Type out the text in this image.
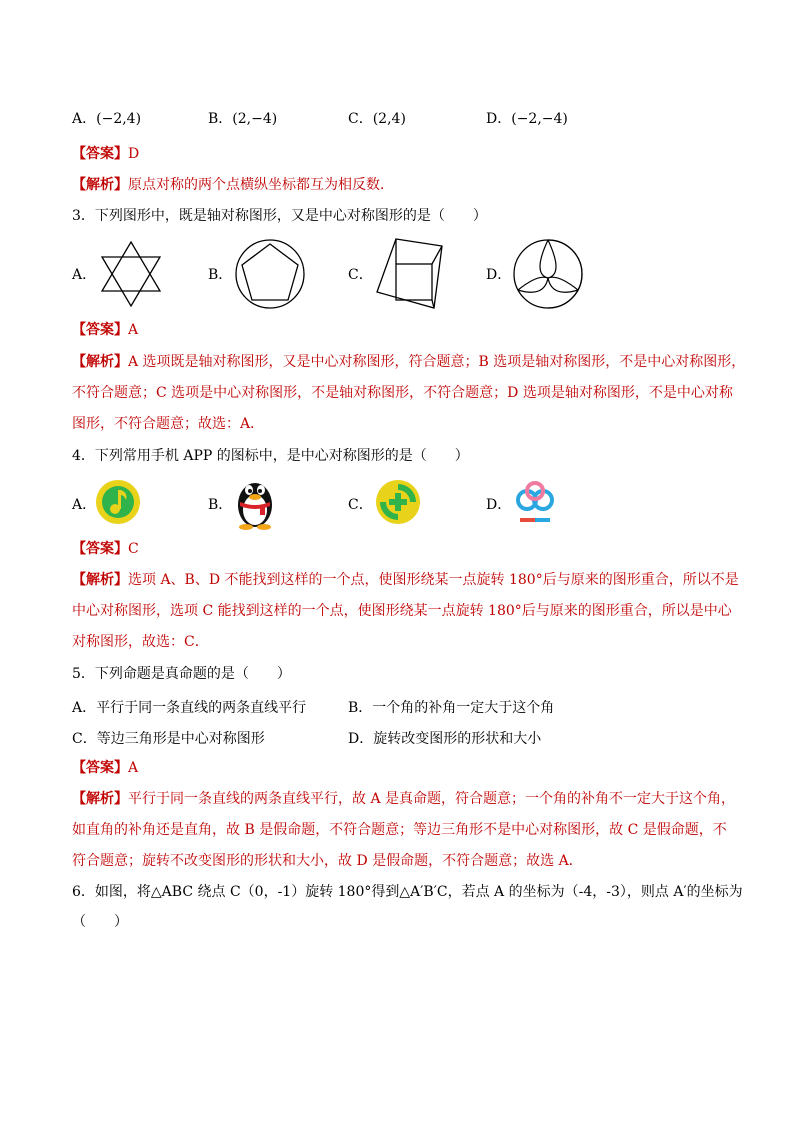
A．(−2,4)	B．(2,−4)	C．(2,4)	D．(−2,−4)
【答案】D
【解析】原点对称的两个点横纵坐标都互为相反数．
3．下列图形中，既是轴对称图形，又是中心对称图形的是（　　）
A．	B．	C．	D．
【答案】A
【解析】A 选项既是轴对称图形，又是中心对称图形，符合题意；B 选项是轴对称图形，不是中心对称图形，
不符合题意；C 选项是中心对称图形，不是轴对称图形，不符合题意；D 选项是轴对称图形，不是中心对称
图形，不符合题意；故选：A．
4．下列常用手机 APP 的图标中，是中心对称图形的是（　　）
A．	B．	C．	D．
【答案】C
【解析】选项 A、B、D 不能找到这样的一个点，使图形绕某一点旋转 180°后与原来的图形重合，所以不是
中心对称图形，选项 C 能找到这样的一个点，使图形绕某一点旋转 180°后与原来的图形重合，所以是中心
对称图形，故选：C．
5．下列命题是真命题的是（　　）
A．平行于同一条直线的两条直线平行	B．一个角的补角一定大于这个角
C．等边三角形是中心对称图形	D．旋转改变图形的形状和大小
【答案】A
【解析】平行于同一条直线的两条直线平行，故 A 是真命题，符合题意；一个角的补角不一定大于这个角，
如直角的补角还是直角，故 B 是假命题，不符合题意；等边三角形不是中心对称图形，故 C 是假命题，不
符合题意；旋转不改变图形的形状和大小，故 D 是假命题，不符合题意；故选 A．
6．如图，将△ABC 绕点 C（0，-1）旋转 180°得到△A′B′C，若点 A 的坐标为（-4，-3），则点 A′的坐标为
（　　）
